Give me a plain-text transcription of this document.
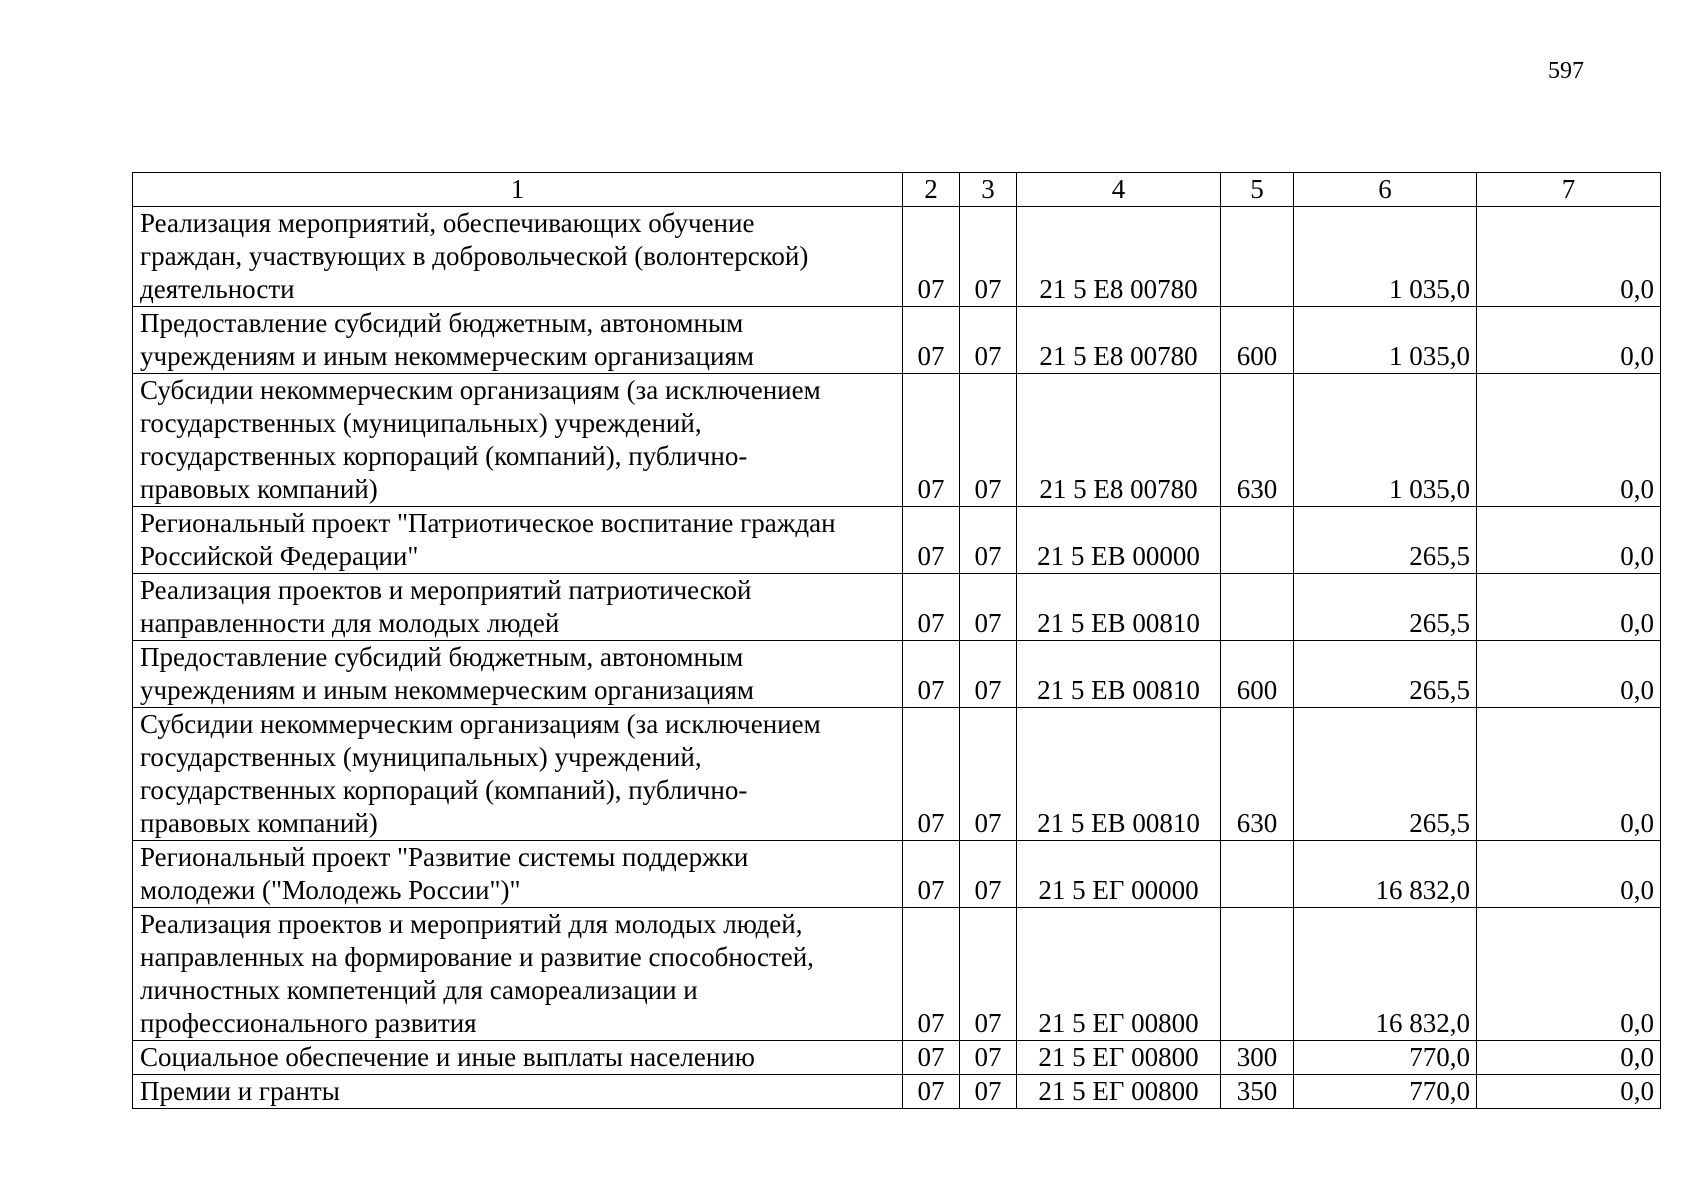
597
1	2	3	4	5	6	7

Реализация мероприятий, обеспечивающих обучение
граждан, участвующих в добровольческой (волонтерской)
деятельности	07	07	21 5 Е8 00780		1 035,0	0,0

Предоставление субсидий бюджетным, автономным
учреждениям и иным некоммерческим организациям	07	07	21 5 Е8 00780	600	1 035,0	0,0

Субсидии некоммерческим организациям (за исключением
государственных (муниципальных) учреждений,
государственных корпораций (компаний), публично-
правовых компаний)	07	07	21 5 Е8 00780	630	1 035,0	0,0

Региональный проект "Патриотическое воспитание граждан
Российской Федерации"	07	07	21 5 ЕВ 00000		265,5	0,0

Реализация проектов и мероприятий патриотической
направленности для молодых людей	07	07	21 5 ЕВ 00810		265,5	0,0

Предоставление субсидий бюджетным, автономным
учреждениям и иным некоммерческим организациям	07	07	21 5 ЕВ 00810	600	265,5	0,0

Субсидии некоммерческим организациям (за исключением
государственных (муниципальных) учреждений,
государственных корпораций (компаний), публично-
правовых компаний)	07	07	21 5 ЕВ 00810	630	265,5	0,0

Региональный проект "Развитие системы поддержки
молодежи ("Молодежь России")"	07	07	21 5 ЕГ 00000		16 832,0	0,0

Реализация проектов и мероприятий для молодых людей,
направленных на формирование и развитие способностей,
личностных компетенций для самореализации и
профессионального развития	07	07	21 5 ЕГ 00800		16 832,0	0,0

Социальное обеспечение и иные выплаты населению	07	07	21 5 ЕГ 00800	300	770,0	0,0

Премии и гранты	07	07	21 5 ЕГ 00800	350	770,0	0,0
